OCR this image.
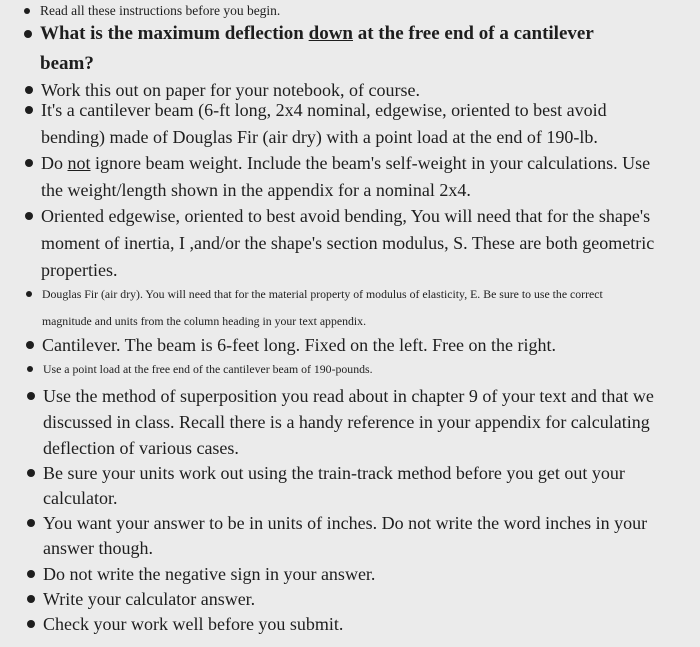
Read all these instructions before you begin.
What is the maximum deflection down at the free end of a cantilever
beam?
Work this out on paper for your notebook, of course.
It's a cantilever beam (6-ft long, 2x4 nominal, edgewise, oriented to best avoid
bending) made of Douglas Fir (air dry) with a point load at the end of 190-lb.
Do not ignore beam weight. Include the beam's self-weight in your calculations. Use
the weight/length shown in the appendix for a nominal 2x4.
Oriented edgewise, oriented to best avoid bending, You will need that for the shape's
moment of inertia, I ,and/or the shape's section modulus, S. These are both geometric
properties.
Douglas Fir (air dry). You will need that for the material property of modulus of elasticity, E. Be sure to use the correct
magnitude and units from the column heading in your text appendix.
Cantilever. The beam is 6-feet long. Fixed on the left. Free on the right.
Use a point load at the free end of the cantilever beam of 190-pounds.
Use the method of superposition you read about in chapter 9 of your text and that we
discussed in class. Recall there is a handy reference in your appendix for calculating
deflection of various cases.
Be sure your units work out using the train-track method before you get out your
calculator.
You want your answer to be in units of inches. Do not write the word inches in your
answer though.
Do not write the negative sign in your answer.
Write your calculator answer.
Check your work well before you submit.
